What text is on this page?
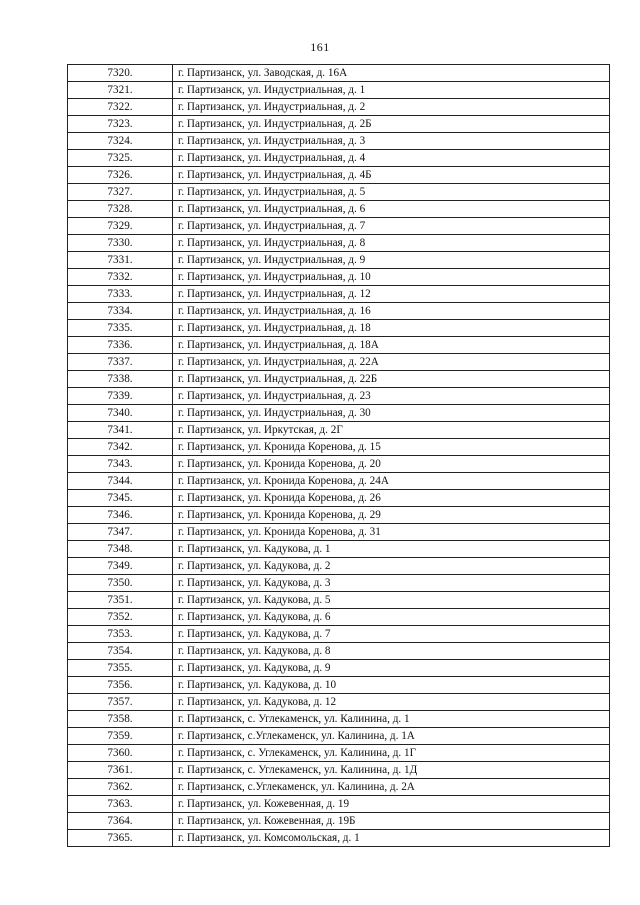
161
7320.	г. Партизанск, ул. Заводская, д. 16А
7321.	г. Партизанск, ул. Индустриальная, д. 1
7322.	г. Партизанск, ул. Индустриальная, д. 2
7323.	г. Партизанск, ул. Индустриальная, д. 2Б
7324.	г. Партизанск, ул. Индустриальная, д. 3
7325.	г. Партизанск, ул. Индустриальная, д. 4
7326.	г. Партизанск, ул. Индустриальная, д. 4Б
7327.	г. Партизанск, ул. Индустриальная, д. 5
7328.	г. Партизанск, ул. Индустриальная, д. 6
7329.	г. Партизанск, ул. Индустриальная, д. 7
7330.	г. Партизанск, ул. Индустриальная, д. 8
7331.	г. Партизанск, ул. Индустриальная, д. 9
7332.	г. Партизанск, ул. Индустриальная, д. 10
7333.	г. Партизанск, ул. Индустриальная, д. 12
7334.	г. Партизанск, ул. Индустриальная, д. 16
7335.	г. Партизанск, ул. Индустриальная, д. 18
7336.	г. Партизанск, ул. Индустриальная, д. 18А
7337.	г. Партизанск, ул. Индустриальная, д. 22А
7338.	г. Партизанск, ул. Индустриальная, д. 22Б
7339.	г. Партизанск, ул. Индустриальная, д. 23
7340.	г. Партизанск, ул. Индустриальная, д. 30
7341.	г. Партизанск, ул. Иркутская, д. 2Г
7342.	г. Партизанск, ул. Кронида Коренова, д. 15
7343.	г. Партизанск, ул. Кронида Коренова, д. 20
7344.	г. Партизанск, ул. Кронида Коренова, д. 24А
7345.	г. Партизанск, ул. Кронида Коренова, д. 26
7346.	г. Партизанск, ул. Кронида Коренова, д. 29
7347.	г. Партизанск, ул. Кронида Коренова, д. 31
7348.	г. Партизанск, ул. Кадукова, д. 1
7349.	г. Партизанск, ул. Кадукова, д. 2
7350.	г. Партизанск, ул. Кадукова, д. 3
7351.	г. Партизанск, ул. Кадукова, д. 5
7352.	г. Партизанск, ул. Кадукова, д. 6
7353.	г. Партизанск, ул. Кадукова, д. 7
7354.	г. Партизанск, ул. Кадукова, д. 8
7355.	г. Партизанск, ул. Кадукова, д. 9
7356.	г. Партизанск, ул. Кадукова, д. 10
7357.	г. Партизанск, ул. Кадукова, д. 12
7358.	г. Партизанск, с. Углекаменск, ул. Калинина, д. 1
7359.	г. Партизанск, с.Углекаменск, ул. Калинина, д. 1А
7360.	г. Партизанск, с. Углекаменск, ул. Калинина, д. 1Г
7361.	г. Партизанск, с. Углекаменск, ул. Калинина, д. 1Д
7362.	г. Партизанск, с.Углекаменск, ул. Калинина, д. 2А
7363.	г. Партизанск, ул. Кожевенная, д. 19
7364.	г. Партизанск, ул. Кожевенная, д. 19Б
7365.	г. Партизанск, ул. Комсомольская, д. 1
